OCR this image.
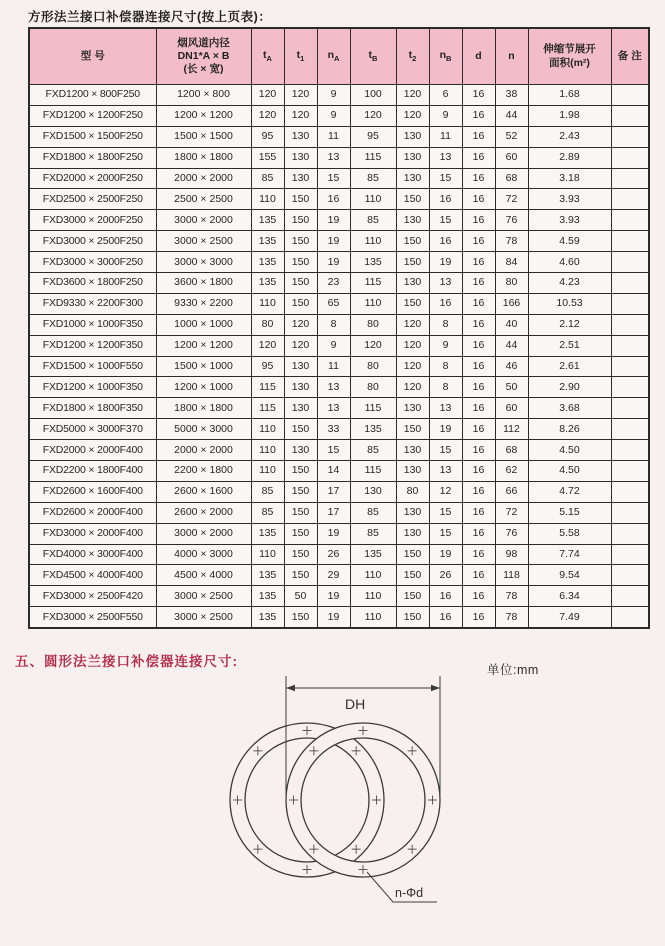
方形法兰接口补偿器连接尺寸(按上页表)：
型 号	烟风道内径
DN1*A × B
(长 × 宽)	$t_A$	$t_1$	$n_A$	$t_B$	$t_2$	$n_B$	d	n	伸缩节展开
面积(m²)	备 注
FXD1200 × 800F250	1200 × 800	120	120	9	100	120	6	16	38	1.68	
FXD1200 × 1200F250	1200 × 1200	120	120	9	120	120	9	16	44	1.98	
FXD1500 × 1500F250	1500 × 1500	95	130	11	95	130	11	16	52	2.43	
FXD1800 × 1800F250	1800 × 1800	155	130	13	115	130	13	16	60	2.89	
FXD2000 × 2000F250	2000 × 2000	85	130	15	85	130	15	16	68	3.18	
FXD2500 × 2500F250	2500 × 2500	110	150	16	110	150	16	16	72	3.93	
FXD3000 × 2000F250	3000 × 2000	135	150	19	85	130	15	16	76	3.93	
FXD3000 × 2500F250	3000 × 2500	135	150	19	110	150	16	16	78	4.59	
FXD3000 × 3000F250	3000 × 3000	135	150	19	135	150	19	16	84	4.60	
FXD3600 × 1800F250	3600 × 1800	135	150	23	115	130	13	16	80	4.23	
FXD9330 × 2200F300	9330 × 2200	110	150	65	110	150	16	16	166	10.53	
FXD1000 × 1000F350	1000 × 1000	80	120	8	80	120	8	16	40	2.12	
FXD1200 × 1200F350	1200 × 1200	120	120	9	120	120	9	16	44	2.51	
FXD1500 × 1000F550	1500 × 1000	95	130	11	80	120	8	16	46	2.61	
FXD1200 × 1000F350	1200 × 1000	115	130	13	80	120	8	16	50	2.90	
FXD1800 × 1800F350	1800 × 1800	115	130	13	115	130	13	16	60	3.68	
FXD5000 × 3000F370	5000 × 3000	110	150	33	135	150	19	16	112	8.26	
FXD2000 × 2000F400	2000 × 2000	110	130	15	85	130	15	16	68	4.50	
FXD2200 × 1800F400	2200 × 1800	110	150	14	115	130	13	16	62	4.50	
FXD2600 × 1600F400	2600 × 1600	85	150	17	130	80	12	16	66	4.72	
FXD2600 × 2000F400	2600 × 2000	85	150	17	85	130	15	16	72	5.15	
FXD3000 × 2000F400	3000 × 2000	135	150	19	85	130	15	16	76	5.58	
FXD4000 × 3000F400	4000 × 3000	110	150	26	135	150	19	16	98	7.74	
FXD4500 × 4000F400	4500 × 4000	135	150	29	110	150	26	16	118	9.54	
FXD3000 × 2500F420	3000 × 2500	135	50	19	110	150	16	16	78	6.34	
FXD3000 × 2500F550	3000 × 2500	135	150	19	110	150	16	16	78	7.49	
五、圆形法兰接口补偿器连接尺寸:
单位:mm
DH
n-Φd
